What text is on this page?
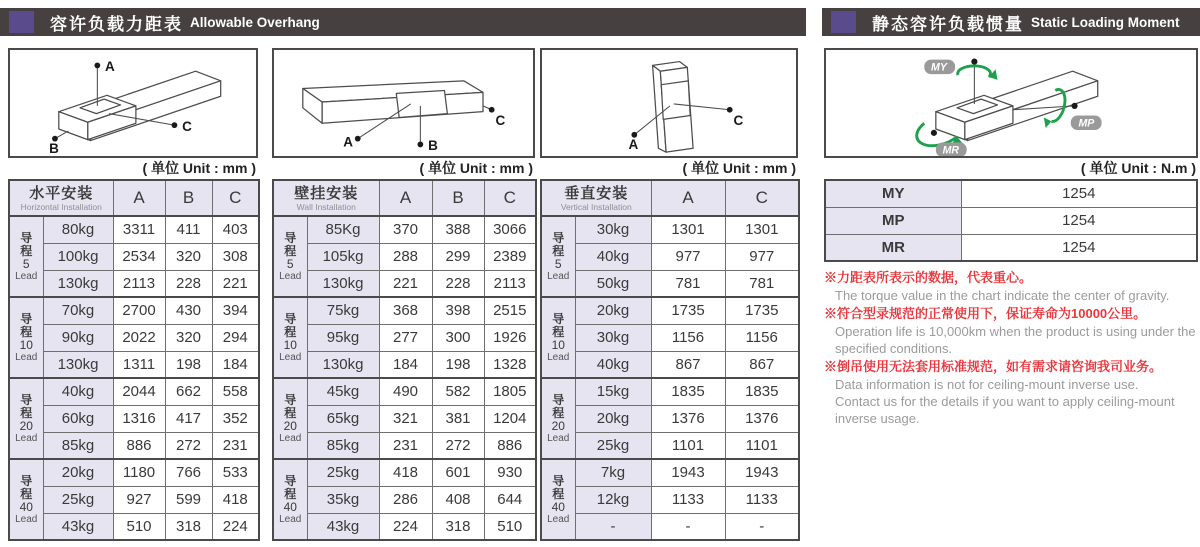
容许负载力距表 Allowable Overhang	静态容许负载惯量 Static Loading Moment
A
B
C
( 单位 Unit : mm )
水平安装
Horizontal Installation		A	B	C

导
程
5
Lead	80kg	3311	411	403
	100kg	2534	320	308
	130kg	2113	228	221

导
程
10
Lead	70kg	2700	430	394
	90kg	2022	320	294
	130kg	1311	198	184

导
程
20
Lead	40kg	2044	662	558
	60kg	1316	417	352
	85kg	886	272	231

导
程
40
Lead	20kg	1180	766	533
	25kg	927	599	418
	43kg	510	318	224
A
C
B
( 单位 Unit : mm )
壁挂安装
Wall Installation		A	B	C

导
程
5
Lead	85Kg	370	388	3066
	105kg	288	299	2389
	130kg	221	228	2113

导
程
10
Lead	75kg	368	398	2515
	95kg	277	300	1926
	130kg	184	198	1328

导
程
20
Lead	45kg	490	582	1805
	65kg	321	381	1204
	85kg	231	272	886

导
程
40
Lead	25kg	418	601	930
	35kg	286	408	644
	43kg	224	318	510
A
C
( 单位 Unit : mm )
垂直安装
Vertical Installation		A	C

导
程
5
Lead	30kg	1301	1301
	40kg	977	977
	50kg	781	781

导
程
10
Lead	20kg	1735	1735
	30kg	1156	1156
	40kg	867	867

导
程
20
Lead	15kg	1835	1835
	20kg	1376	1376
	25kg	1101	1101

导
程
40
Lead	7kg	1943	1943
	12kg	1133	1133
	-	-	-
MY
MP
MR
( 单位 Unit : N.m )
MY	1254
MP	1254
MR	1254
※力距表所表示的数据，代表重心。
The torque value in the chart indicate the center of gravity.
※符合型录规范的正常使用下，保证寿命为10000公里。
Operation life is 10,000km when the product is using under the specified conditions.
※倒吊使用无法套用标准规范，如有需求请咨询我司业务。
Data information is not for ceiling-mount inverse use.
Contact us for the details if you want to apply ceiling-mount inverse usage.
